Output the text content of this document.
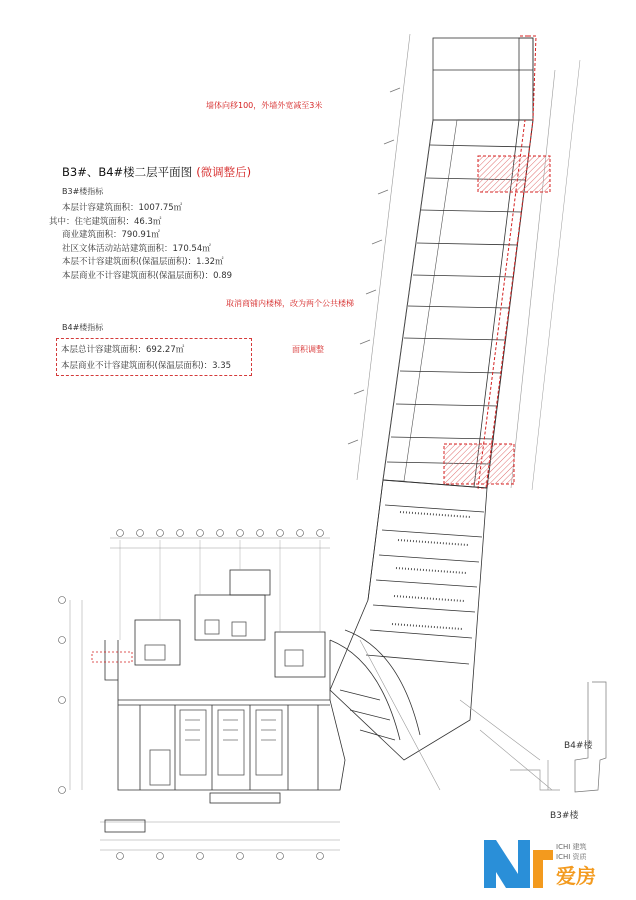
B3#、B4#楼二层平面图 (微调整后)
B3#楼指标
本层计容建筑面积：1007.75㎡
其中：住宅建筑面积：46.3㎡
商业建筑面积：790.91㎡
社区文体活动站站建筑面积：170.54㎡
本层不计容建筑面积(保温层面积)：1.32㎡
本层商业不计容建筑面积(保温层面积)：0.89
B4#楼指标
本层总计容建筑面积：692.27㎡
本层商业不计容建筑面积(保温层面积)：3.35
墙体向移100，外墙外宽减至3米
取消商铺内楼梯，改为两个公共楼梯
面积调整
B4#楼
B3#楼
爱房
ICHI 建筑
ICHI 资质
